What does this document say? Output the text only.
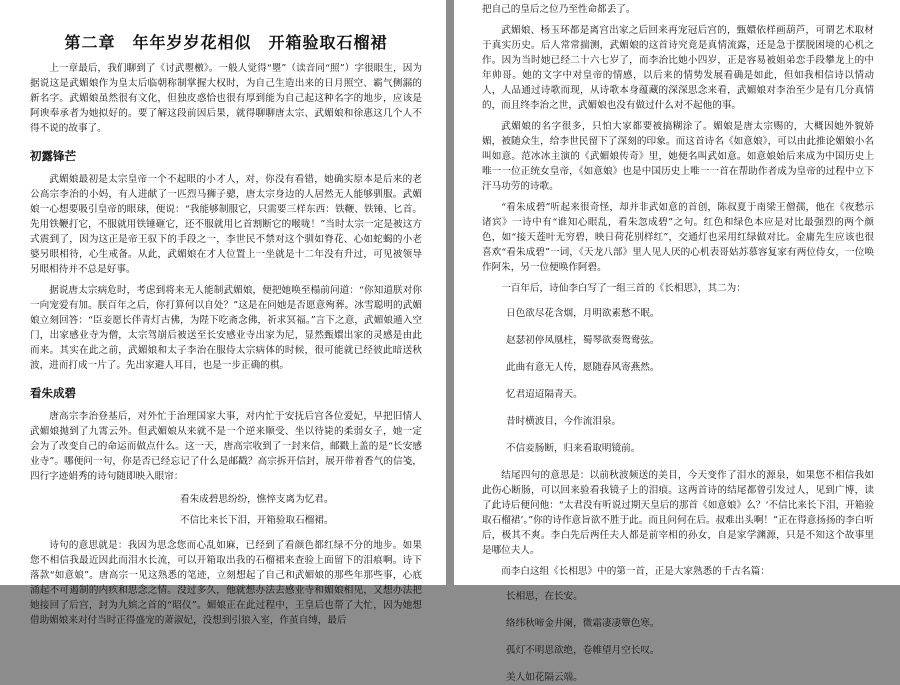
第二章　年年岁岁花相似　开箱验取石榴裙

上一章最后，我们聊到了《讨武瞾檄》。一般人觉得“瞾”（读音同“照”）字很眼生，因为据说这是武媚娘作为皇太后临朝称制掌握大权时，为自己生造出来的日月照空、霸气侧漏的新名字。武媚娘虽然很有文化，但独皮惑恰也很有厚到能为自己起这种名字的地步，应该是阿谀奉承者为她拟好的。要了解这段前因后果，就得聊聊唐太宗、武媚娘和徐惠这几个人不得不说的故事了。

初露锋芒

武媚娘最初是太宗皇帝一个不起眼的小才人，对，你没有看错，她确实原本是后来的老公高宗李治的小妈，有人进献了一匹烈马狮子骢，唐太宗身边的人居然无人能够驯服。武媚娘一心想要吸引皇帝的眼球，便说：“我能够制服它，只需要三样东西：铁鞭、铁锤、匕首。先用铁鞭打它，不服就用铁锤砸它，还不服就用匕首割断它的喉咙！”当时太宗一定是被这方式震到了，因为这正是帝王驭下的手段之一，李世民不禁对这个驯如脊花、心如蛇蝎的小老婆另眼相待，心生戒备。从此，武媚娘在才人位置上一坐就是十二年没有升过，可见被领导另眼相待并不总是好事。

据说唐太宗病危时，考虑到将来无人能制武媚娘，便把她唤至榻前问道：“你知道朕对你一向宠爱有加。朕百年之后，你打算何以自处？”这是在问她是否愿意殉葬。冰雪聪明的武媚娘立刻回答：“臣妾愿长伴青灯古佛，为陛下吃斋念佛，祈求冥福。”言下之意，武媚娘遁入空门，出家感业寺为僧，太宗驾崩后被送至长安感业寺出家为尼，显然甄嬛出家的灵感是由此而来。其实在此之前，武媚娘和太子李治在服侍太宗病体的时候，很可能就已经彼此暗送秋波，进而打成一片了。先出家避人耳目，也是一步正确的棋。

看朱成碧

唐高宗李治登基后，对外忙于治理国家大事，对内忙于安抚后宫各位爱妃，早把旧情人武媚娘抛到了九霄云外。但武媚娘从来就不是一个逆来顺受、坐以待毙的柔弱女子，她一定会为了改变自己的命运而做点什么。这一天，唐高宗收到了一封来信，邮戳上盖的是“长安感业寺”。哪便问一句，你是否已经忘记了什么是邮戳？高宗拆开信封，展开带着香气的信笺，四行字迹娟秀的诗句随即映入眼帘：

看朱成碧思纷纷，憔悴支离为忆君。

不信比来长下泪，开箱验取石榴裙。

诗句的意思就是：我因为思念您而心乱如麻，已经到了看颜色都红绿不分的地步。如果您不相信我最近因此而泪水长流，可以开箱取出我的石榴裙来查验上面留下的泪痕啊。诗下落款“如意娘”。唐高宗一见这熟悉的笔迹，立刻想起了自己和武媚娘的那些年那些事，心底涌起不可遏制的内疚和思念之情。没过多久，他就想办法去感业寺和媚娘相见，又想办法把她接回了后宫，封为九嫔之首的“昭仪”。媚娘正在此过程中，王皇后也帮了大忙，因为她想借助媚娘来对付当时正得盛宠的萧淑妃，没想到引狼入室，作茧自缚，最后

把自己的皇后之位乃至性命都丢了。

武媚娘、杨玉环都是离宫出家之后回来再宠冠后宫的，甄嬛依样画葫芦，可谓艺术取材于真实历史。后人常常揣测，武媚娘的这首诗究竟是真情流露，还是急于摆脱困境的心机之作。因为当时她已经二十六七岁了，而李治比她小四岁，正是容易被姐弟恋手段攀龙上的中年帅哥。她的文字中对皇帝的情感，以后来的情势发展看确是如此，但如我相信诗以情动人，人品通过诗歌而现，从诗歌本身蕴藏的深深思念来看，武媚娘对李治至少是有几分真情的，而且终李治之世，武媚娘也没有做过什么对不起他的事。

武媚娘的名字很多，只怕大家都要被搞糊涂了。媚娘是唐太宗赐的，大概因她外貌娇媚，被随众生，给李世民留下了深刻的印象。而这首诗名《如意娘》，可以由此推论媚娘小名叫如意。范冰冰主演的《武媚娘传奇》里，她便名叫武如意。如意娘始后来成为中国历史上唯一一位正统女皇帝，《如意娘》也是中国历史上唯一一首在帮助作者成为皇帝的过程中立下汗马功劳的诗歌。

“看朱成碧”听起来很奇怪，却并非武如意的首创，陈叔夏于南梁王僧孺，他在《夜愁示诸宾》一诗中有“谁知心眼乱，看朱忽成碧”之句。红色和绿色本应是对比最强烈的两个颜色，如“接天莲叶无穷碧，映日荷花别样红”，交通灯也采用红绿做对比。金庸先生应该也很喜欢“看朱成碧”一词，《天龙八部》里人见人厌的心机表哥姑苏慕容复家有两位侍女，一位唤作阿朱，另一位便唤作阿碧。

一百年后，诗仙李白写了一组三首的《长相思》，其二为：

日色欲尽花含烟，月明欲素愁不眠。

赵瑟初停凤凰柱，蜀琴欲奏鸳鸯弦。

此曲有意无人传，愿随春风寄燕然。

忆君迢迢隔青天。

昔时横波目，今作流泪泉。

不信妾肠断，归来看取明镜前。

结尾四句的意思是：以前秋波频送的美目，今天变作了泪水的源泉，如果您不相信我如此伤心断肠，可以回来验看我镜子上的泪痕。这两首诗的结尾都曾引发过人，见到广博，读了此诗后便问他：“太君没有听说过期天皇后的那首《如意娘》么？‘不信比来长下泪，开箱验取石榴裙’。”你的诗作意旨欲不胜于此。而且问何在后。叔难出头啊！”正在得意扬扬的李白听后，极其不爽。李白先后两任夫人都是前宰相的孙女，自是家学渊源，只是不知这个故事里是哪位夫人。

而李白这组《长相思》中的第一首，正是大家熟悉的千古名篇：

长相思，在长安。

络纬秋啼金井阑，微霜凄凄簟色寒。

孤灯不明思欲绝，卷帷望月空长叹。

美人如花隔云端。
